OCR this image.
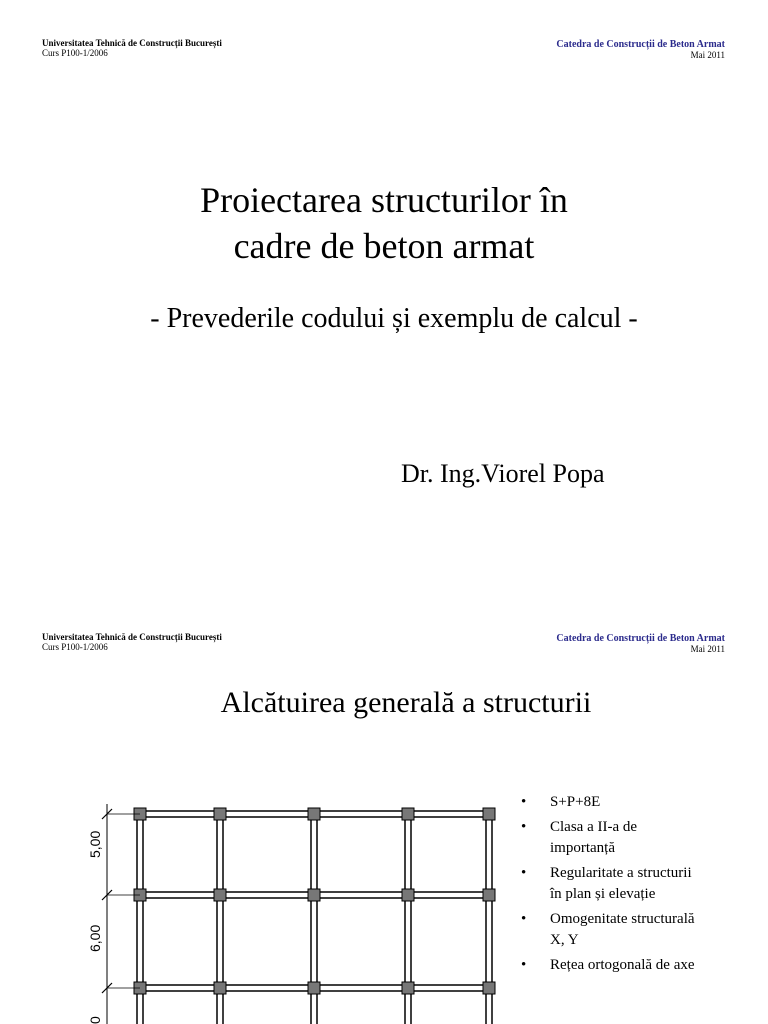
Universitatea Tehnică de Construcții București
Curs P100-1/2006
Catedra de Construcții de Beton Armat
Mai 2011
Proiectarea structurilor în
cadre de beton armat
- Prevederile codului și exemplu de calcul -
Dr. Ing.Viorel Popa
Universitatea Tehnică de Construcții București
Curs P100-1/2006
Catedra de Construcții de Beton Armat
Mai 2011
Alcătuirea generală a structurii
5,00
6,00
0
• S+P+8E
• Clasa a II-a de importanță
• Regularitate a structurii în plan și elevație
• Omogenitate structurală X, Y
• Rețea ortogonală de axe
